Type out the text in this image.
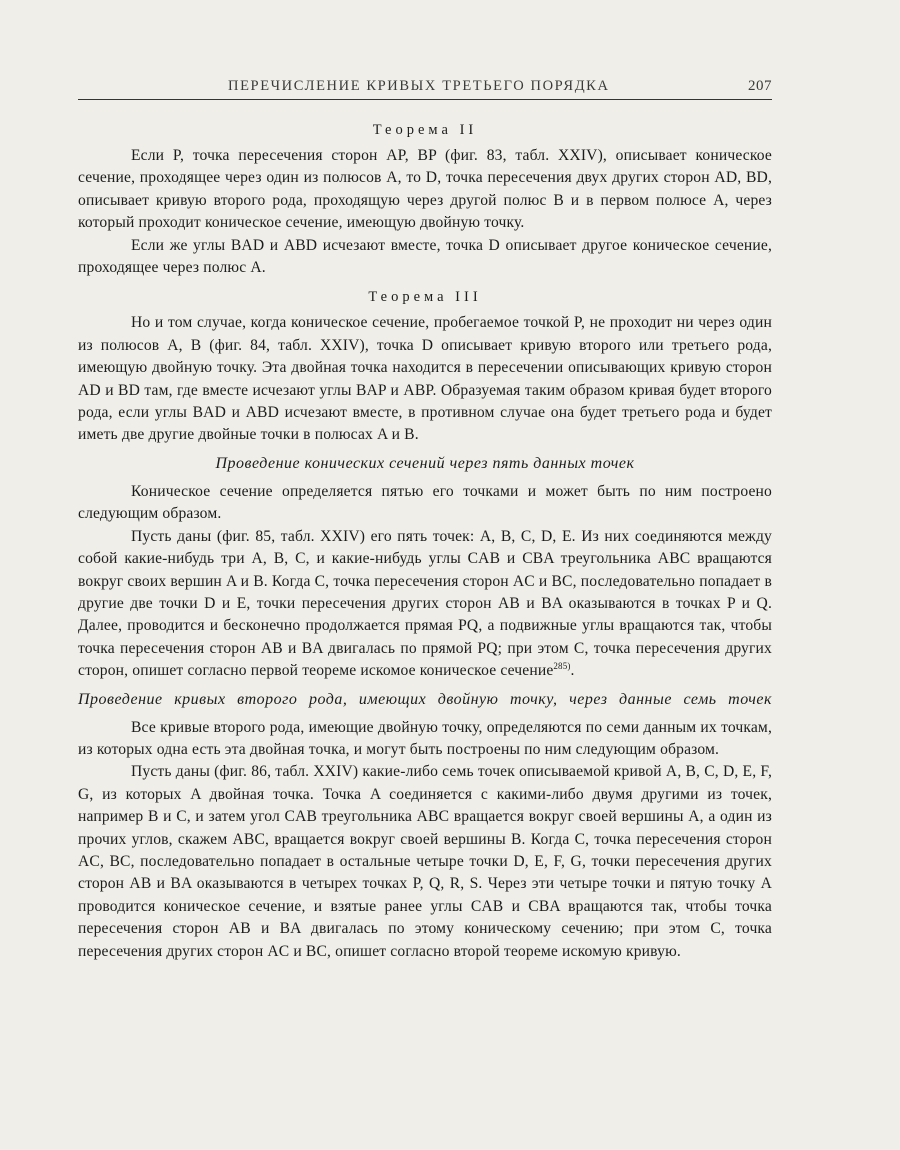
ПЕРЕЧИСЛЕНИЕ КРИВЫХ ТРЕТЬЕГО ПОРЯДКА	207
Теорема II

Если P, точка пересечения сторон AP, BP (фиг. 83, табл. XXIV), описывает коническое сечение, проходящее через один из полюсов A, то D, точка пересечения двух других сторон AD, BD, описывает кривую второго рода, проходящую через другой полюс B и в первом полюсе A, через который проходит коническое сечение, имеющую двойную точку.

Если же углы BAD и ABD исчезают вместе, точка D описывает другое коническое сечение, проходящее через полюс A.

Теорема III

Но и том случае, когда коническое сечение, пробегаемое точкой P, не проходит ни через один из полюсов A, B (фиг. 84, табл. XXIV), точка D описывает кривую второго или третьего рода, имеющую двойную точку. Эта двойная точка находится в пересечении описывающих кривую сторон AD и BD там, где вместе исчезают углы BAP и ABP. Образуемая таким образом кривая будет второго рода, если углы BAD и ABD исчезают вместе, в противном случае она будет третьего рода и будет иметь две другие двойные точки в полюсах A и B.

Проведение конических сечений через пять данных точек

Коническое сечение определяется пятью его точками и может быть по ним построено следующим образом.

Пусть даны (фиг. 85, табл. XXIV) его пять точек: A, B, C, D, E. Из них соединяются между собой какие-нибудь три A, B, C, и какие-нибудь углы CAB и CBA треугольника ABC вращаются вокруг своих вершин A и B. Когда C, точка пересечения сторон AC и BC, последовательно попадает в другие две точки D и E, точки пересечения других сторон AB и BA оказываются в точках P и Q. Далее, проводится и бесконечно продолжается прямая PQ, а подвижные углы вращаются так, чтобы точка пересечения сторон AB и BA двигалась по прямой PQ; при этом C, точка пересечения других сторон, опишет согласно первой теореме искомое коническое сечение$^{285)}$.

Проведение кривых второго рода, имеющих двойную точку, через данные семь точек

Все кривые второго рода, имеющие двойную точку, определяются по семи данным их точкам, из которых одна есть эта двойная точка, и могут быть построены по ним следующим образом.

Пусть даны (фиг. 86, табл. XXIV) какие-либо семь точек описываемой кривой A, B, C, D, E, F, G, из которых A двойная точка. Точка A соединяется с какими-либо двумя другими из точек, например B и C, и затем угол CAB треугольника ABC вращается вокруг своей вершины A, а один из прочих углов, скажем ABC, вращается вокруг своей вершины B. Когда C, точка пересечения сторон AC, BC, последовательно попадает в остальные четыре точки D, E, F, G, точки пересечения других сторон AB и BA оказываются в четырех точках P, Q, R, S. Через эти четыре точки и пятую точку A проводится коническое сечение, и взятые ранее углы CAB и CBA вращаются так, чтобы точка пересечения сторон AB и BA двигалась по этому коническому сечению; при этом C, точка пересечения других сторон AC и BC, опишет согласно второй теореме искомую кривую.
